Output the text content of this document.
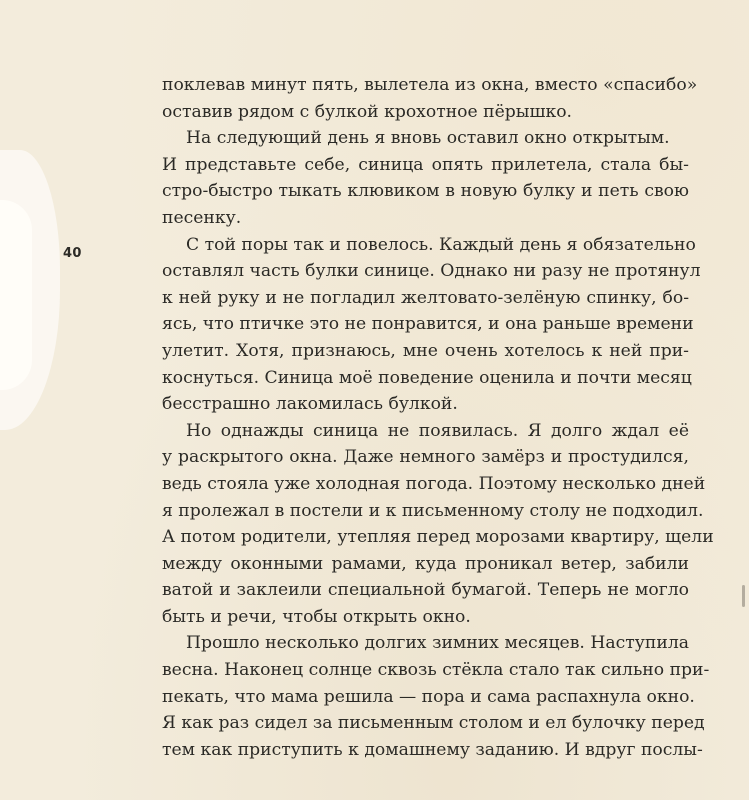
40
поклевав минут пять, вылетела из окна, вместо «спасибо»
оставив рядом с булкой крохотное пёрышко.
На следующий день я вновь оставил окно открытым.
И представьте себе, синица опять прилетела, стала бы-
стро-быстро тыкать клювиком в новую булку и петь свою
песенку.
С той поры так и повелось. Каждый день я обязательно
оставлял часть булки синице. Однако ни разу не протянул
к ней руку и не погладил желтовато-зелёную спинку, бо-
ясь, что птичке это не понравится, и она раньше времени
улетит. Хотя, признаюсь, мне очень хотелось к ней при-
коснуться. Синица моё поведение оценила и почти месяц
бесстрашно лакомилась булкой.
Но однажды синица не появилась. Я долго ждал её
у раскрытого окна. Даже немного замёрз и простудился,
ведь стояла уже холодная погода. Поэтому несколько дней
я пролежал в постели и к письменному столу не подходил.
А потом родители, утепляя перед морозами квартиру, щели
между оконными рамами, куда проникал ветер, забили
ватой и заклеили специальной бумагой. Теперь не могло
быть и речи, чтобы открыть окно.
Прошло несколько долгих зимних месяцев. Наступила
весна. Наконец солнце сквозь стёкла стало так сильно при-
пекать, что мама решила — пора и сама распахнула окно.
Я как раз сидел за письменным столом и ел булочку перед
тем как приступить к домашнему заданию. И вдруг послы-
